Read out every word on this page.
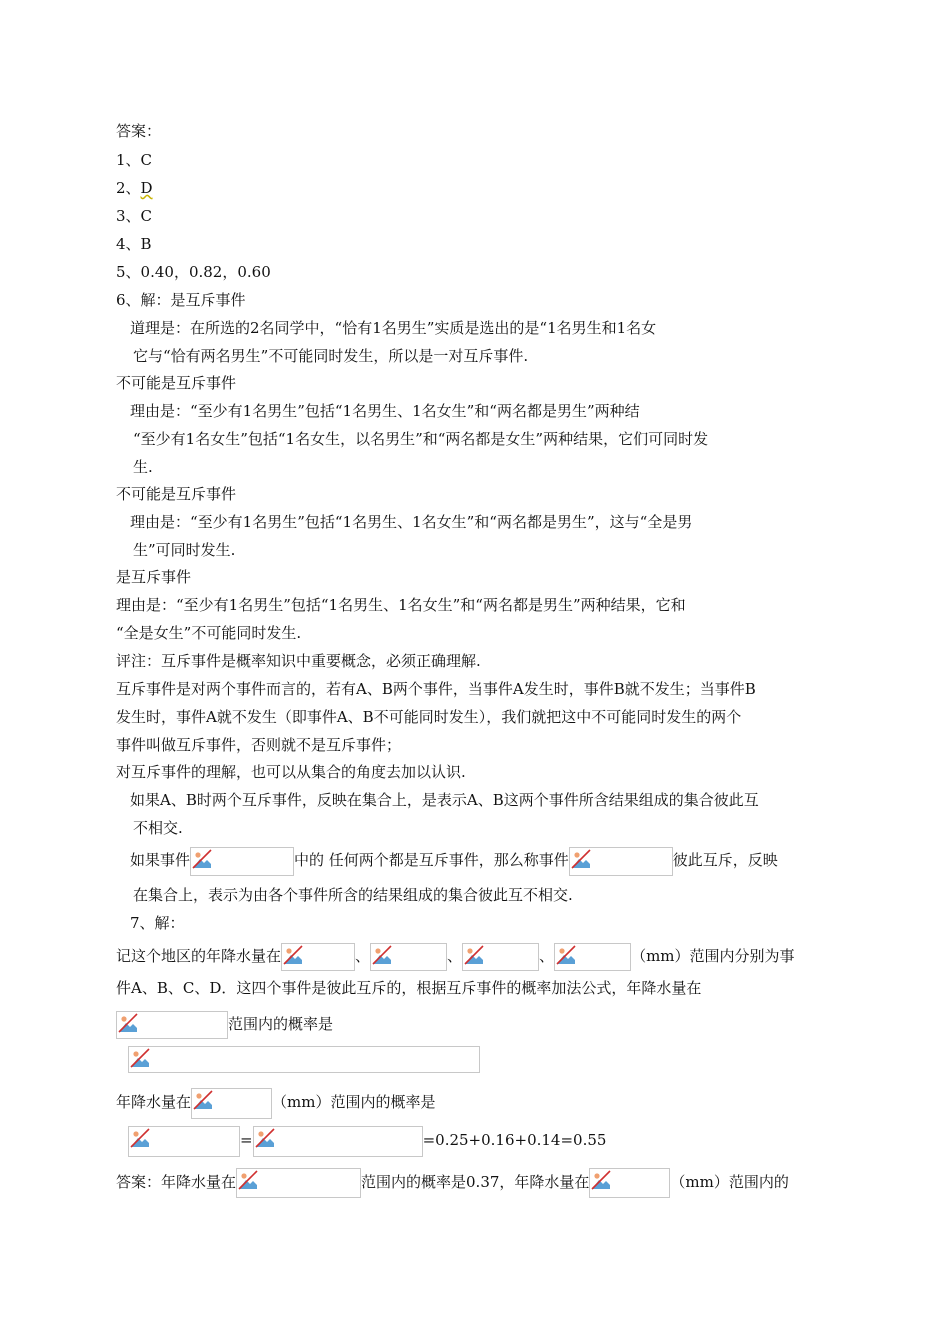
答案：
1、C
2、D
3、C
4、B
5、0.40，0.82，0.60
6、解：是互斥事件
道理是：在所选的2名同学中，“恰有1名男生”实质是选出的是“1名男生和1名女
它与“恰有两名男生”不可能同时发生，所以是一对互斥事件.
不可能是互斥事件
理由是：“至少有1名男生”包括“1名男生、1名女生”和“两名都是男生”两种结
“至少有1名女生”包括“1名女生，以名男生”和“两名都是女生”两种结果，它们可同时发
生.
不可能是互斥事件
理由是：“至少有1名男生”包括“1名男生、1名女生”和“两名都是男生”，这与“全是男
生”可同时发生.
是互斥事件
理由是：“至少有1名男生”包括“1名男生、1名女生”和“两名都是男生”两种结果，它和
“全是女生”不可能同时发生.
评注：互斥事件是概率知识中重要概念，必须正确理解.
互斥事件是对两个事件而言的，若有A、B两个事件，当事件A发生时，事件B就不发生；当事件B
发生时，事件A就不发生（即事件A、B不可能同时发生），我们就把这中不可能同时发生的两个
事件叫做互斥事件，否则就不是互斥事件；
对互斥事件的理解，也可以从集合的角度去加以认识.
如果A、B时两个互斥事件，反映在集合上，是表示A、B这两个事件所含结果组成的集合彼此互
不相交.
如果事件	中的 任何两个都是互斥事件，那么称事件	彼此互斥，反映
在集合上，表示为由各个事件所含的结果组成的集合彼此互不相交.
7、解：
记这个地区的年降水量在	、	、	、	（mm）范围内分别为事
件A、B、C、D．这四个事件是彼此互斥的，根据互斥事件的概率加法公式，年降水量在
范围内的概率是
年降水量在	（mm）范围内的概率是
=	=0.25+0.16+0.14=0.55
答案：年降水量在	范围内的概率是0.37，年降水量在	（mm）范围内的
